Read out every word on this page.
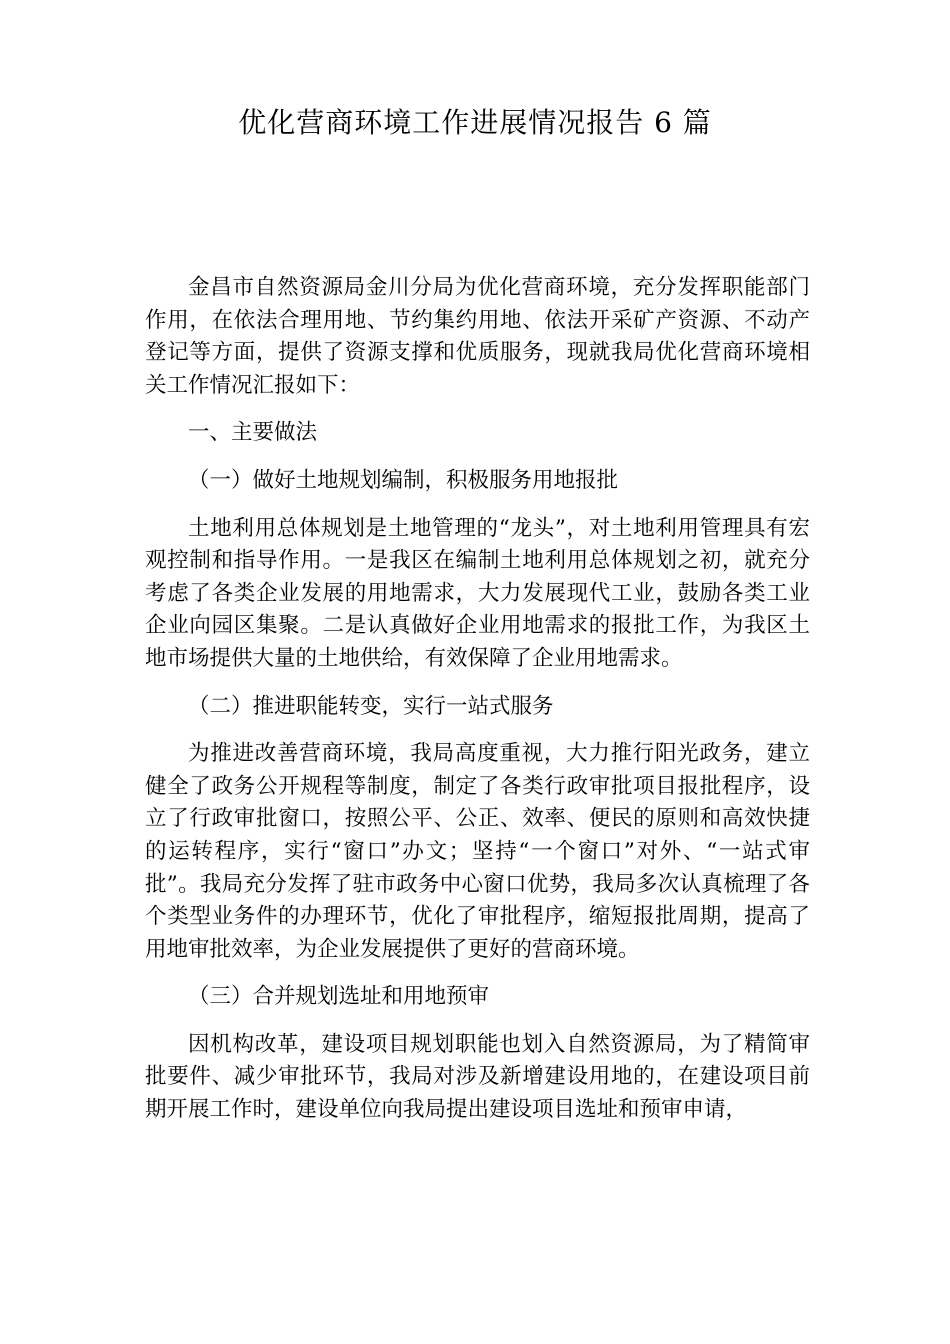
优化营商环境工作进展情况报告 6 篇

金昌市自然资源局金川分局为优化营商环境，充分发挥职能部门作用，在依法合理用地、节约集约用地、依法开采矿产资源、不动产登记等方面，提供了资源支撑和优质服务，现就我局优化营商环境相关工作情况汇报如下：

一、主要做法

（一）做好土地规划编制，积极服务用地报批

土地利用总体规划是土地管理的“龙头”，对土地利用管理具有宏观控制和指导作用。一是我区在编制土地利用总体规划之初，就充分考虑了各类企业发展的用地需求，大力发展现代工业，鼓励各类工业企业向园区集聚。二是认真做好企业用地需求的报批工作，为我区土地市场提供大量的土地供给，有效保障了企业用地需求。

（二）推进职能转变，实行一站式服务

为推进改善营商环境，我局高度重视，大力推行阳光政务，建立健全了政务公开规程等制度，制定了各类行政审批项目报批程序，设立了行政审批窗口，按照公平、公正、效率、便民的原则和高效快捷的运转程序，实行“窗口”办文；坚持“一个窗口”对外、“一站式审批”。我局充分发挥了驻市政务中心窗口优势，我局多次认真梳理了各个类型业务件的办理环节，优化了审批程序，缩短报批周期，提高了用地审批效率，为企业发展提供了更好的营商环境。

（三）合并规划选址和用地预审

因机构改革，建设项目规划职能也划入自然资源局，为了精简审批要件、减少审批环节，我局对涉及新增建设用地的，在建设项目前期开展工作时，建设单位向我局提出建设项目选址和预审申请，
